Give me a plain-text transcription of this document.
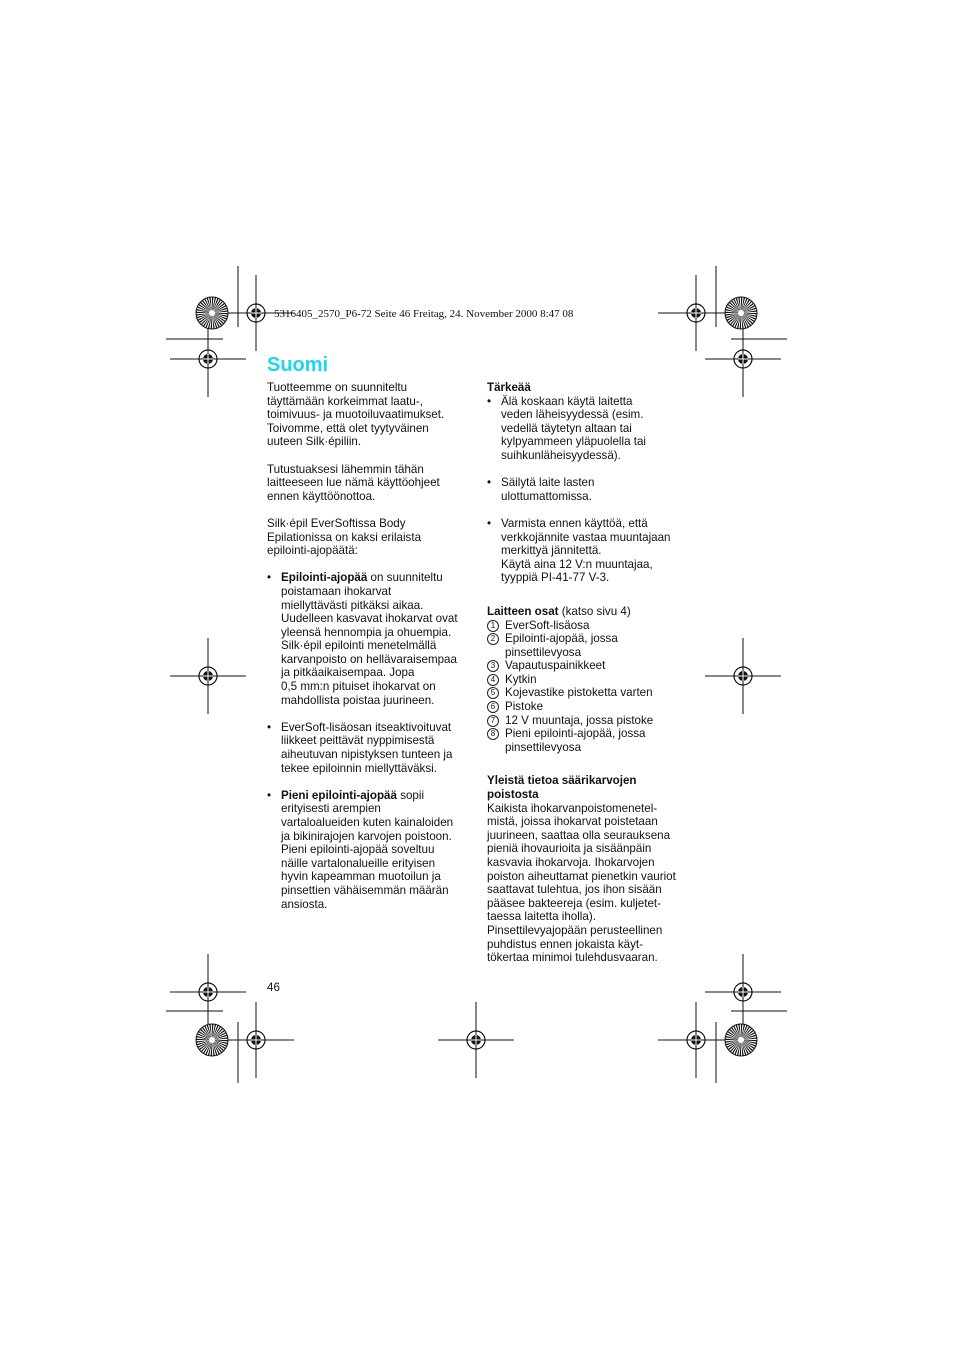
5316405_2570_P6-72 Seite 46 Freitag, 24. November 2000 8:47 08
Suomi

Tuotteemme on suunniteltu

täyttämään korkeimmat laatu-,

toimivuus- ja muotoiluvaatimukset.

Toivomme, että olet tyytyväinen

uuteen Silk·épiliin.

Tutustuaksesi lähemmin tähän

laitteeseen lue nämä käyttöohjeet

ennen käyttöönottoa.

Silk·épil EverSoftissa Body

Epilationissa on kaksi erilaista

epilointi-ajopäätä:

• Epilointi-ajopää on suunniteltu

poistamaan ihokarvat

miellyttävästi pitkäksi aikaa.

Uudelleen kasvavat ihokarvat ovat

yleensä hennompia ja ohuempia.

Silk·épil epilointi menetelmällä

karvanpoisto on hellävaraisempaa

ja pitkäaikaisempaa. Jopa

0,5 mm:n pituiset ihokarvat on

mahdollista poistaa juurineen.

• EverSoft-lisäosan itseaktivoituvat

liikkeet peittävät nyppimisestä

aiheutuvan nipistyksen tunteen ja

tekee epiloinnin miellyttäväksi.

• Pieni epilointi-ajopää sopii

erityisesti arempien

vartaloalueiden kuten kainaloiden

ja bikinirajojen karvojen poistoon.

Pieni epilointi-ajopää soveltuu

näille vartalonalueille erityisen

hyvin kapeamman muotoilun ja

pinsettien vähäisemmän määrän

ansiosta.

46

Tärkeää

• Älä koskaan käytä laitetta

veden läheisyydessä (esim.

vedellä täytetyn altaan tai

kylpyammeen yläpuolella tai

suihkunläheisyydessä).

• Säilytä laite lasten

ulottumattomissa.

• Varmista ennen käyttöä, että

verkkojännite vastaa muuntajaan

merkittyä jännitettä.

Käytä aina 12 V:n muuntajaa,

tyyppiä PI-41-77 V-3.

Laitteen osat (katso sivu 4)

1 EverSoft-lisäosa

2 Epilointi-ajopää, jossa

pinsettilevyosa

3 Vapautuspainikkeet

4 Kytkin

5 Kojevastike pistoketta varten

6 Pistoke

7 12 V muuntaja, jossa pistoke

8 Pieni epilointi-ajopää, jossa

pinsettilevyosa

Yleistä tietoa säärikarvojen

poistosta

Kaikista ihokarvanpoistomenetel-

mistä, joissa ihokarvat poistetaan

juurineen, saattaa olla seurauksena

pieniä ihovaurioita ja sisäänpäin

kasvavia ihokarvoja. Ihokarvojen

poiston aiheuttamat pienetkin vauriot

saattavat tulehtua, jos ihon sisään

pääsee bakteereja (esim. kuljetet-

taessa laitetta iholla).

Pinsettilevyajopään perusteellinen

puhdistus ennen jokaista käyt-

tökertaa minimoi tulehdusvaaran.
